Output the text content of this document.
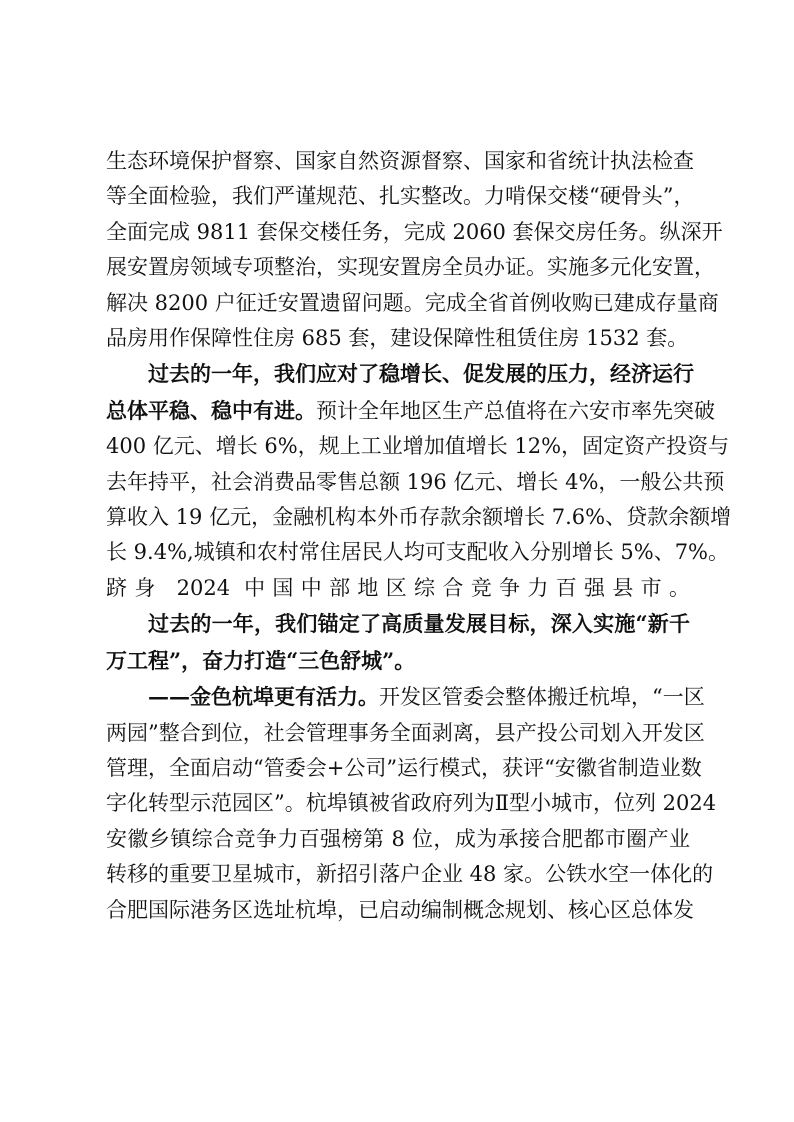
生态环境保护督察、国家自然资源督察、国家和省统计执法检查
等全面检验，我们严谨规范、扎实整改。力啃保交楼“硬骨头”，
全面完成 9811 套保交楼任务，完成 2060 套保交房任务。纵深开
展安置房领域专项整治，实现安置房全员办证。实施多元化安置，
解决 8200 户征迁安置遗留问题。完成全省首例收购已建成存量商
品房用作保障性住房 685 套，建设保障性租赁住房 1532 套。
过去的一年，我们应对了稳增长、促发展的压力，经济运行
总体平稳、稳中有进。预计全年地区生产总值将在六安市率先突破
400 亿元、增长 6%，规上工业增加值增长 12%，固定资产投资与
去年持平，社会消费品零售总额 196 亿元、增长 4%，一般公共预
算收入 19 亿元，金融机构本外币存款余额增长 7.6%、贷款余额增
长 9.4%,城镇和农村常住居民人均可支配收入分别增长 5%、7%。
跻身 2024 中国中部地区综合竞争力百强县市。
过去的一年，我们锚定了高质量发展目标，深入实施“新千
万工程”，奋力打造“三色舒城”。
——金色杭埠更有活力。开发区管委会整体搬迁杭埠，“一区
两园”整合到位，社会管理事务全面剥离，县产投公司划入开发区
管理，全面启动“管委会+公司”运行模式，获评“安徽省制造业数
字化转型示范园区”。杭埠镇被省政府列为Ⅱ型小城市，位列 2024
安徽乡镇综合竞争力百强榜第 8 位，成为承接合肥都市圈产业
转移的重要卫星城市，新招引落户企业 48 家。公铁水空一体化的
合肥国际港务区选址杭埠，已启动编制概念规划、核心区总体发
